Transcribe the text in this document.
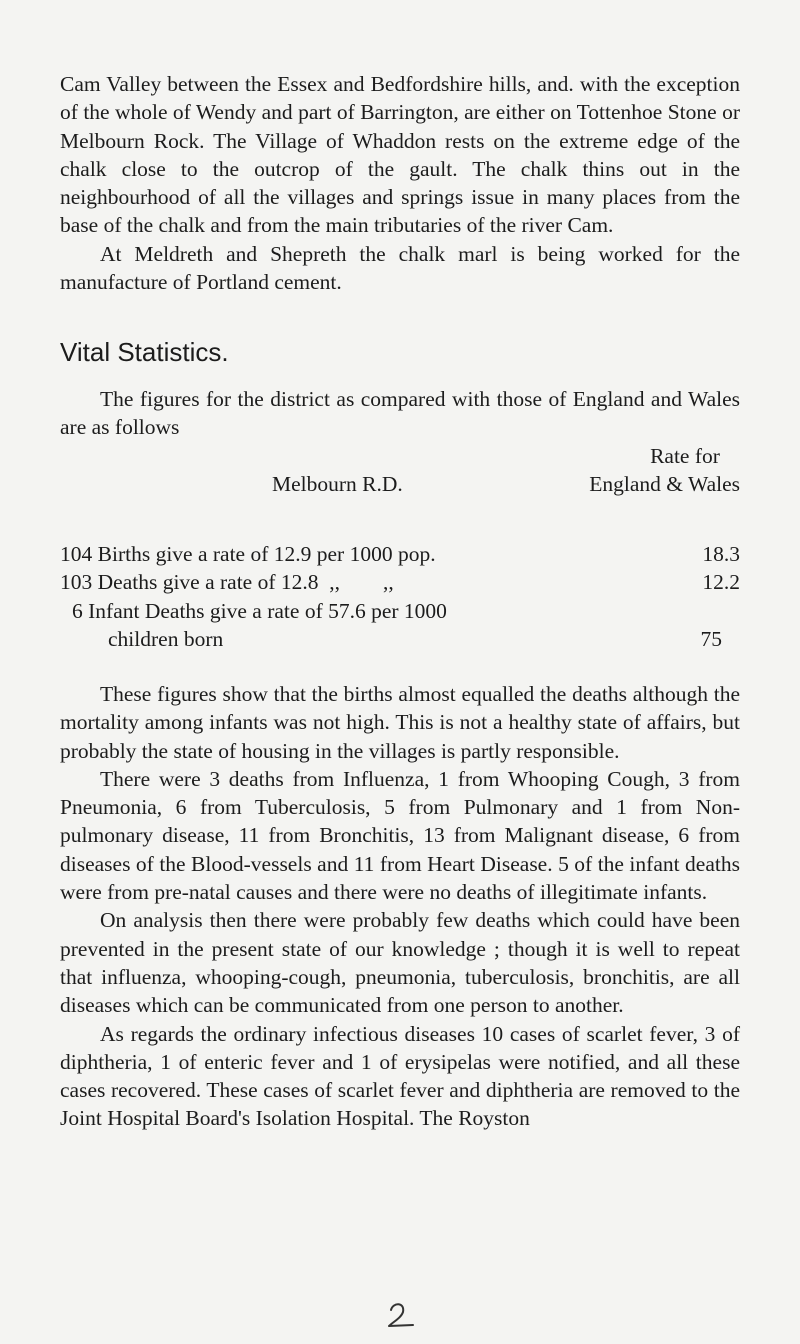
Cam Valley between the Essex and Bedfordshire hills, and. with the exception of the whole of Wendy and part of Barrington, are either on Tottenhoe Stone or Melbourn Rock. The Village of Whaddon rests on the extreme edge of the chalk close to the outcrop of the gault. The chalk thins out in the neighbourhood of all the villages and springs issue in many places from the base of the chalk and from the main tributaries of the river Cam.

At Meldreth and Shepreth the chalk marl is being worked for the manufacture of Portland cement.

Vital Statistics.

The figures for the district as compared with those of England and Wales are as follows

Rate for
Melbourn R.D.	England & Wales
104 Births give a rate of 12.9 per 1000 pop.	18.3
103 Deaths give a rate of 12.8  ,,        ,,	12.2
6 Infant Deaths give a rate of 57.6 per 1000
children born	75

These figures show that the births almost equalled the deaths although the mortality among infants was not high. This is not a healthy state of affairs, but probably the state of housing in the villages is partly responsible.

There were 3 deaths from Influenza, 1 from Whooping Cough, 3 from Pneumonia, 6 from Tuberculosis, 5 from Pulmonary and 1 from Non-pulmonary disease, 11 from Bronchitis, 13 from Malignant disease, 6 from diseases of the Blood-vessels and 11 from Heart Disease. 5 of the infant deaths were from pre-natal causes and there were no deaths of illegitimate infants.

On analysis then there were probably few deaths which could have been prevented in the present state of our knowledge ; though it is well to repeat that influenza, whooping-cough, pneumonia, tuberculosis, bronchitis, are all diseases which can be communicated from one person to another.

As regards the ordinary infectious diseases 10 cases of scarlet fever, 3 of diphtheria, 1 of enteric fever and 1 of erysipelas were notified, and all these cases recovered. These cases of scarlet fever and diphtheria are removed to the Joint Hospital Board's Isolation Hospital. The Royston
